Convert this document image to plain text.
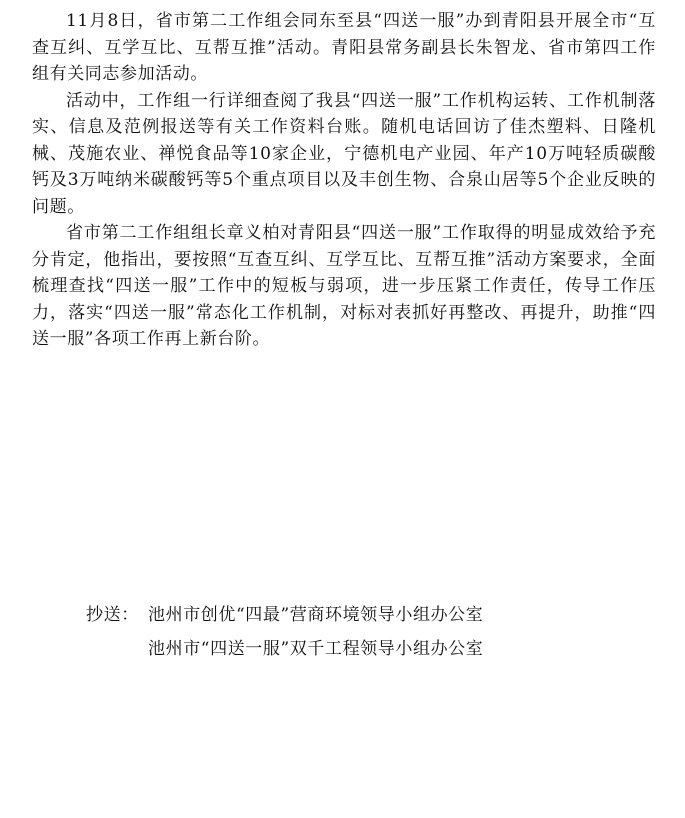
11月8日，省市第二工作组会同东至县“四送一服”办到青阳县开展全市“互查互纠、互学互比、互帮互推”活动。青阳县常务副县长朱智龙、省市第四工作组有关同志参加活动。

活动中，工作组一行详细查阅了我县“四送一服”工作机构运转、工作机制落实、信息及范例报送等有关工作资料台账。随机电话回访了佳杰塑料、日隆机械、茂施农业、禅悦食品等10家企业，宁德机电产业园、年产10万吨轻质碳酸钙及3万吨纳米碳酸钙等5个重点项目以及丰创生物、合泉山居等5个企业反映的问题。

省市第二工作组组长章义柏对青阳县“四送一服”工作取得的明显成效给予充分肯定，他指出，要按照“互查互纠、互学互比、互帮互推”活动方案要求，全面梳理查找“四送一服”工作中的短板与弱项，进一步压紧工作责任，传导工作压力，落实“四送一服”常态化工作机制，对标对表抓好再整改、再提升，助推“四送一服”各项工作再上新台阶。

抄送： 池州市创优“四最”营商环境领导小组办公室
池州市“四送一服”双千工程领导小组办公室
